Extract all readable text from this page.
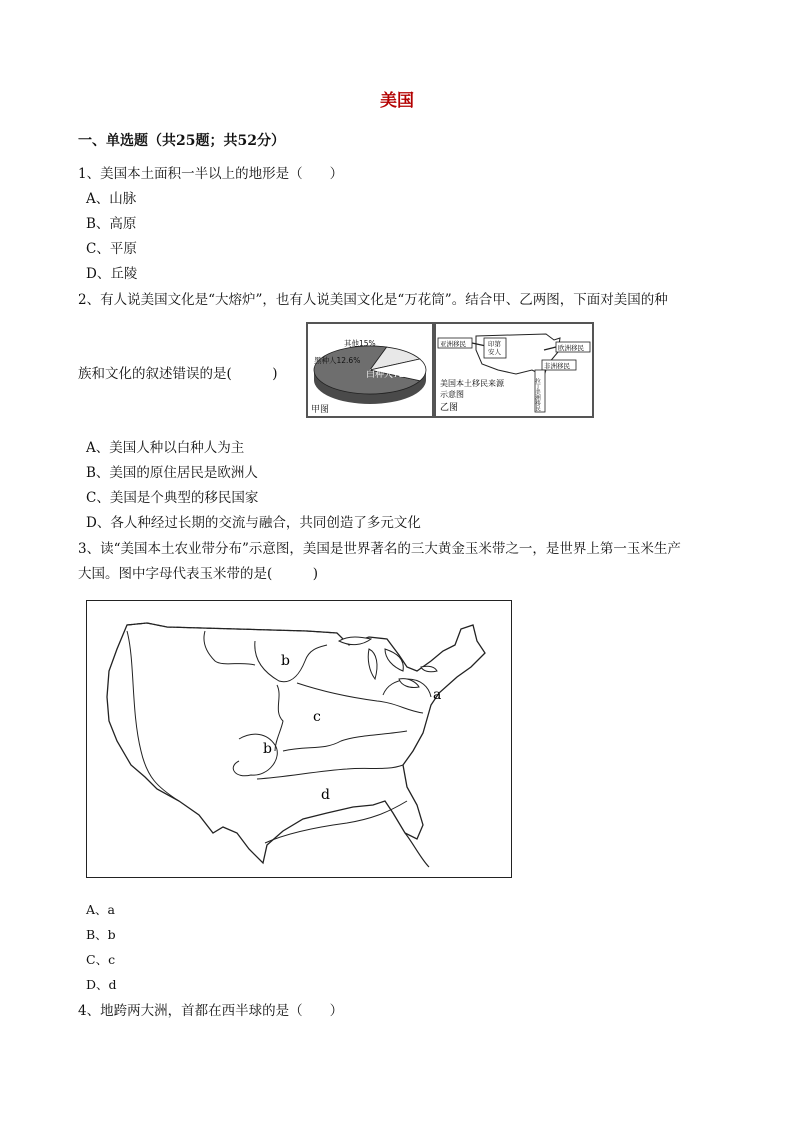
美国
一、单选题（共25题；共52分）
1、美国本土面积一半以上的地形是（　　）
A、山脉
B、高原
C、平原
D、丘陵
2、有人说美国文化是“大熔炉”，也有人说美国文化是“万花筒”。结合甲、乙两图，下面对美国的种
白种人72.4%
黑种人12.6%
其他15%
甲图
亚洲移民	印第
安人	欧洲移民
非洲移民
拉丁美洲移民
美国本土移民来源
示意图
乙图
族和文化的叙述错误的是(　　　)
A、美国人种以白种人为主
B、美国的原住居民是欧洲人
C、美国是个典型的移民国家
D、各人种经过长期的交流与融合，共同创造了多元文化
3、读“美国本土农业带分布”示意图，美国是世界著名的三大黄金玉米带之一，是世界上第一玉米生产
大国。图中字母代表玉米带的是(　　　)
b
a
c
b
d
A、a
B、b
C、c
D、d
4、地跨两大洲，首都在西半球的是（　　）
